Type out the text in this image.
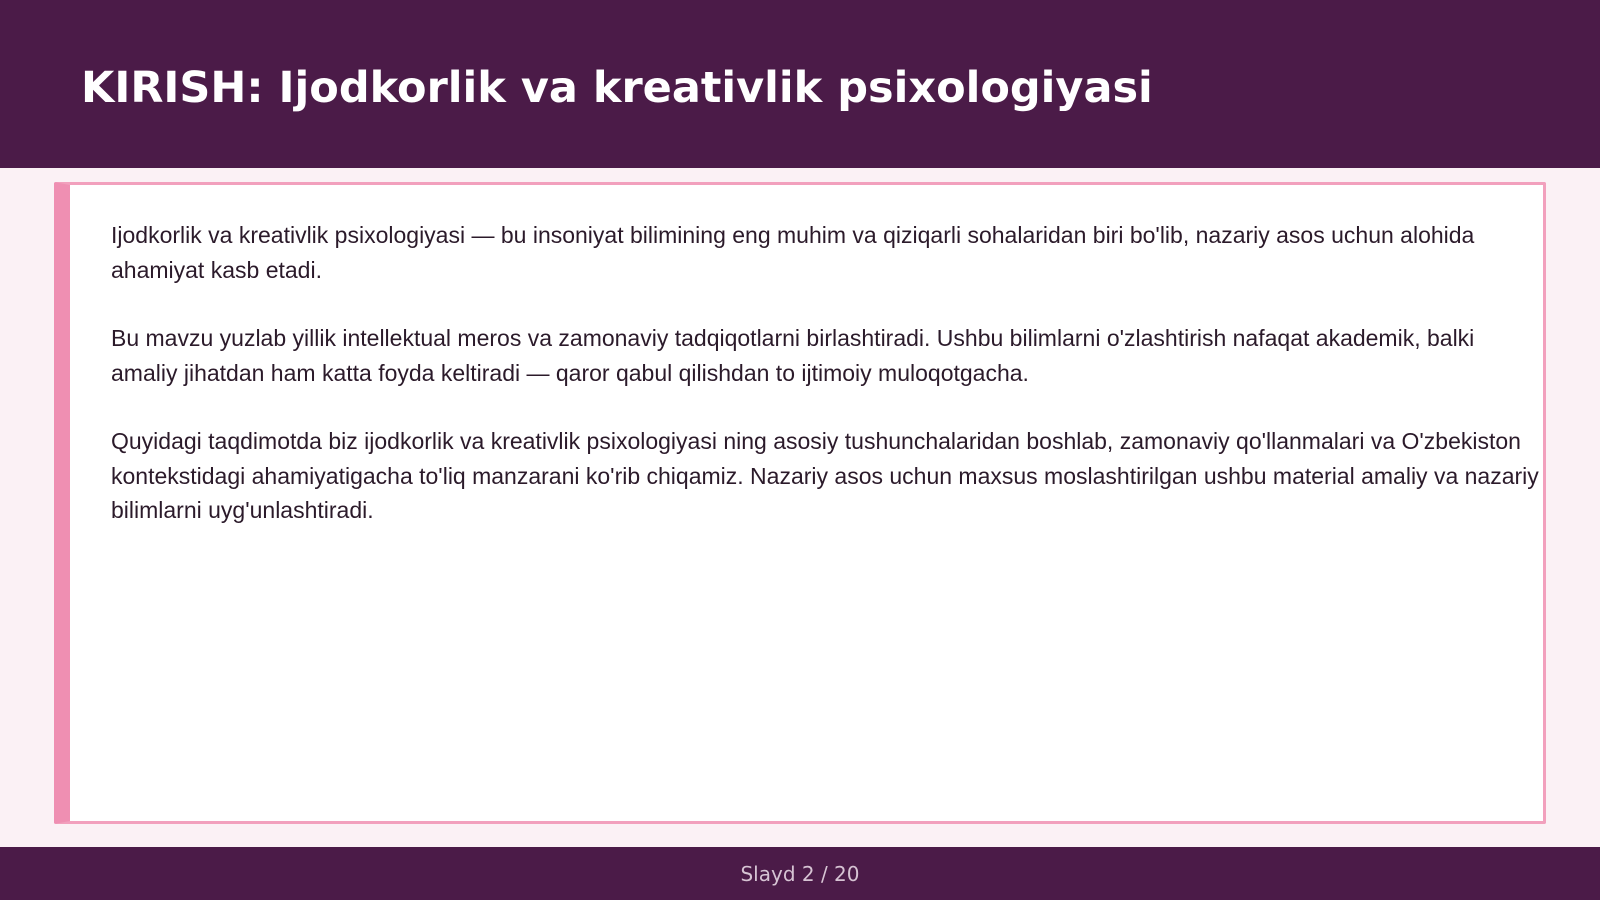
KIRISH: Ijodkorlik va kreativlik psixologiyasi

Ijodkorlik va kreativlik psixologiyasi — bu insoniyat bilimining eng muhim va qiziqarli sohalaridan biri bo'lib, nazariy asos uchun alohida ahamiyat kasb etadi.

Bu mavzu yuzlab yillik intellektual meros va zamonaviy tadqiqotlarni birlashtiradi. Ushbu bilimlarni o'zlashtirish nafaqat akademik, balki amaliy jihatdan ham katta foyda keltiradi — qaror qabul qilishdan to ijtimoiy muloqotgacha.

Quyidagi taqdimotda biz ijodkorlik va kreativlik psixologiyasi ning asosiy tushunchalaridan boshlab, zamonaviy qo'llanmalari va O'zbekiston kontekstidagi ahamiyatigacha to'liq manzarani ko'rib chiqamiz. Nazariy asos uchun maxsus moslashtirilgan ushbu material amaliy va nazariy bilimlarni uyg'unlashtiradi.

Slayd 2 / 20
